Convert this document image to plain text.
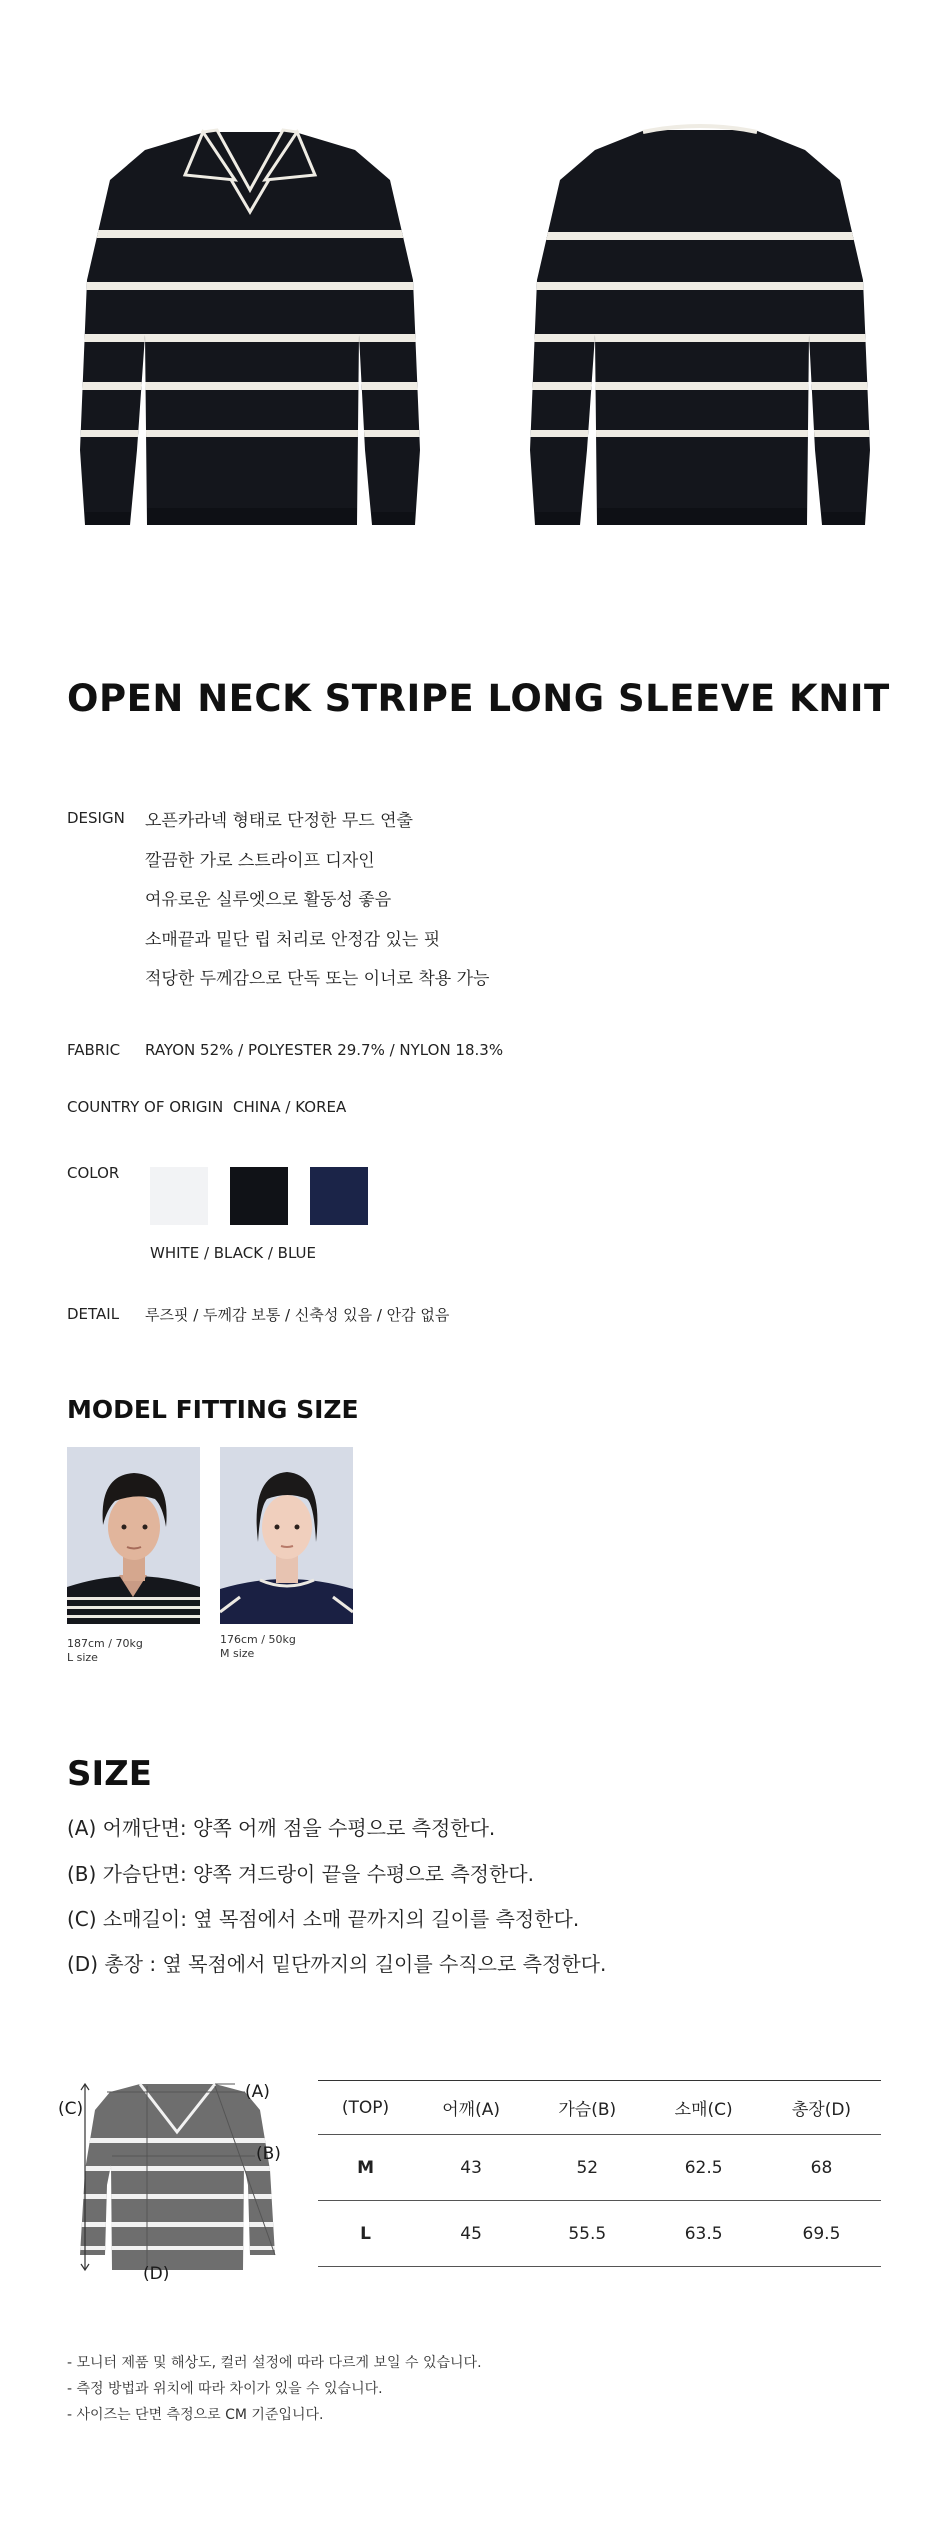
OPEN NECK STRIPE LONG SLEEVE KNIT
DESIGN 오픈카라넥 형태로 단정한 무드 연출
깔끔한 가로 스트라이프 디자인
여유로운 실루엣으로 활동성 좋음
소매끝과 밑단 립 처리로 안정감 있는 핏
적당한 두께감으로 단독 또는 이너로 착용 가능
FABRIC RAYON 52% / POLYESTER 29.7% / NYLON 18.3%
COUNTRY OF ORIGIN CHINA / KOREA
COLOR
WHITE / BLACK / BLUE
DETAIL 루즈핏 / 두께감 보통 / 신축성 있음 / 안감 없음
MODEL FITTING SIZE
187cm / 70kg
L size
176cm / 50kg
M size
SIZE
(A) 어깨단면: 양쪽 어깨 점을 수평으로 측정한다.
(B) 가슴단면: 양쪽 겨드랑이 끝을 수평으로 측정한다.
(C) 소매길이: 옆 목점에서 소매 끝까지의 길이를 측정한다.
(D) 총장 : 옆 목점에서 밑단까지의 길이를 수직으로 측정한다.
(A)
(B)
(C)
(D)
(TOP)	어깨(A)	가슴(B)	소매(C)	총장(D)
M	43	52	62.5	68
L	45	55.5	63.5	69.5
- 모니터 제품 및 해상도, 컬러 설정에 따라 다르게 보일 수 있습니다.
- 측정 방법과 위치에 따라 차이가 있을 수 있습니다.
- 사이즈는 단면 측정으로 CM 기준입니다.
